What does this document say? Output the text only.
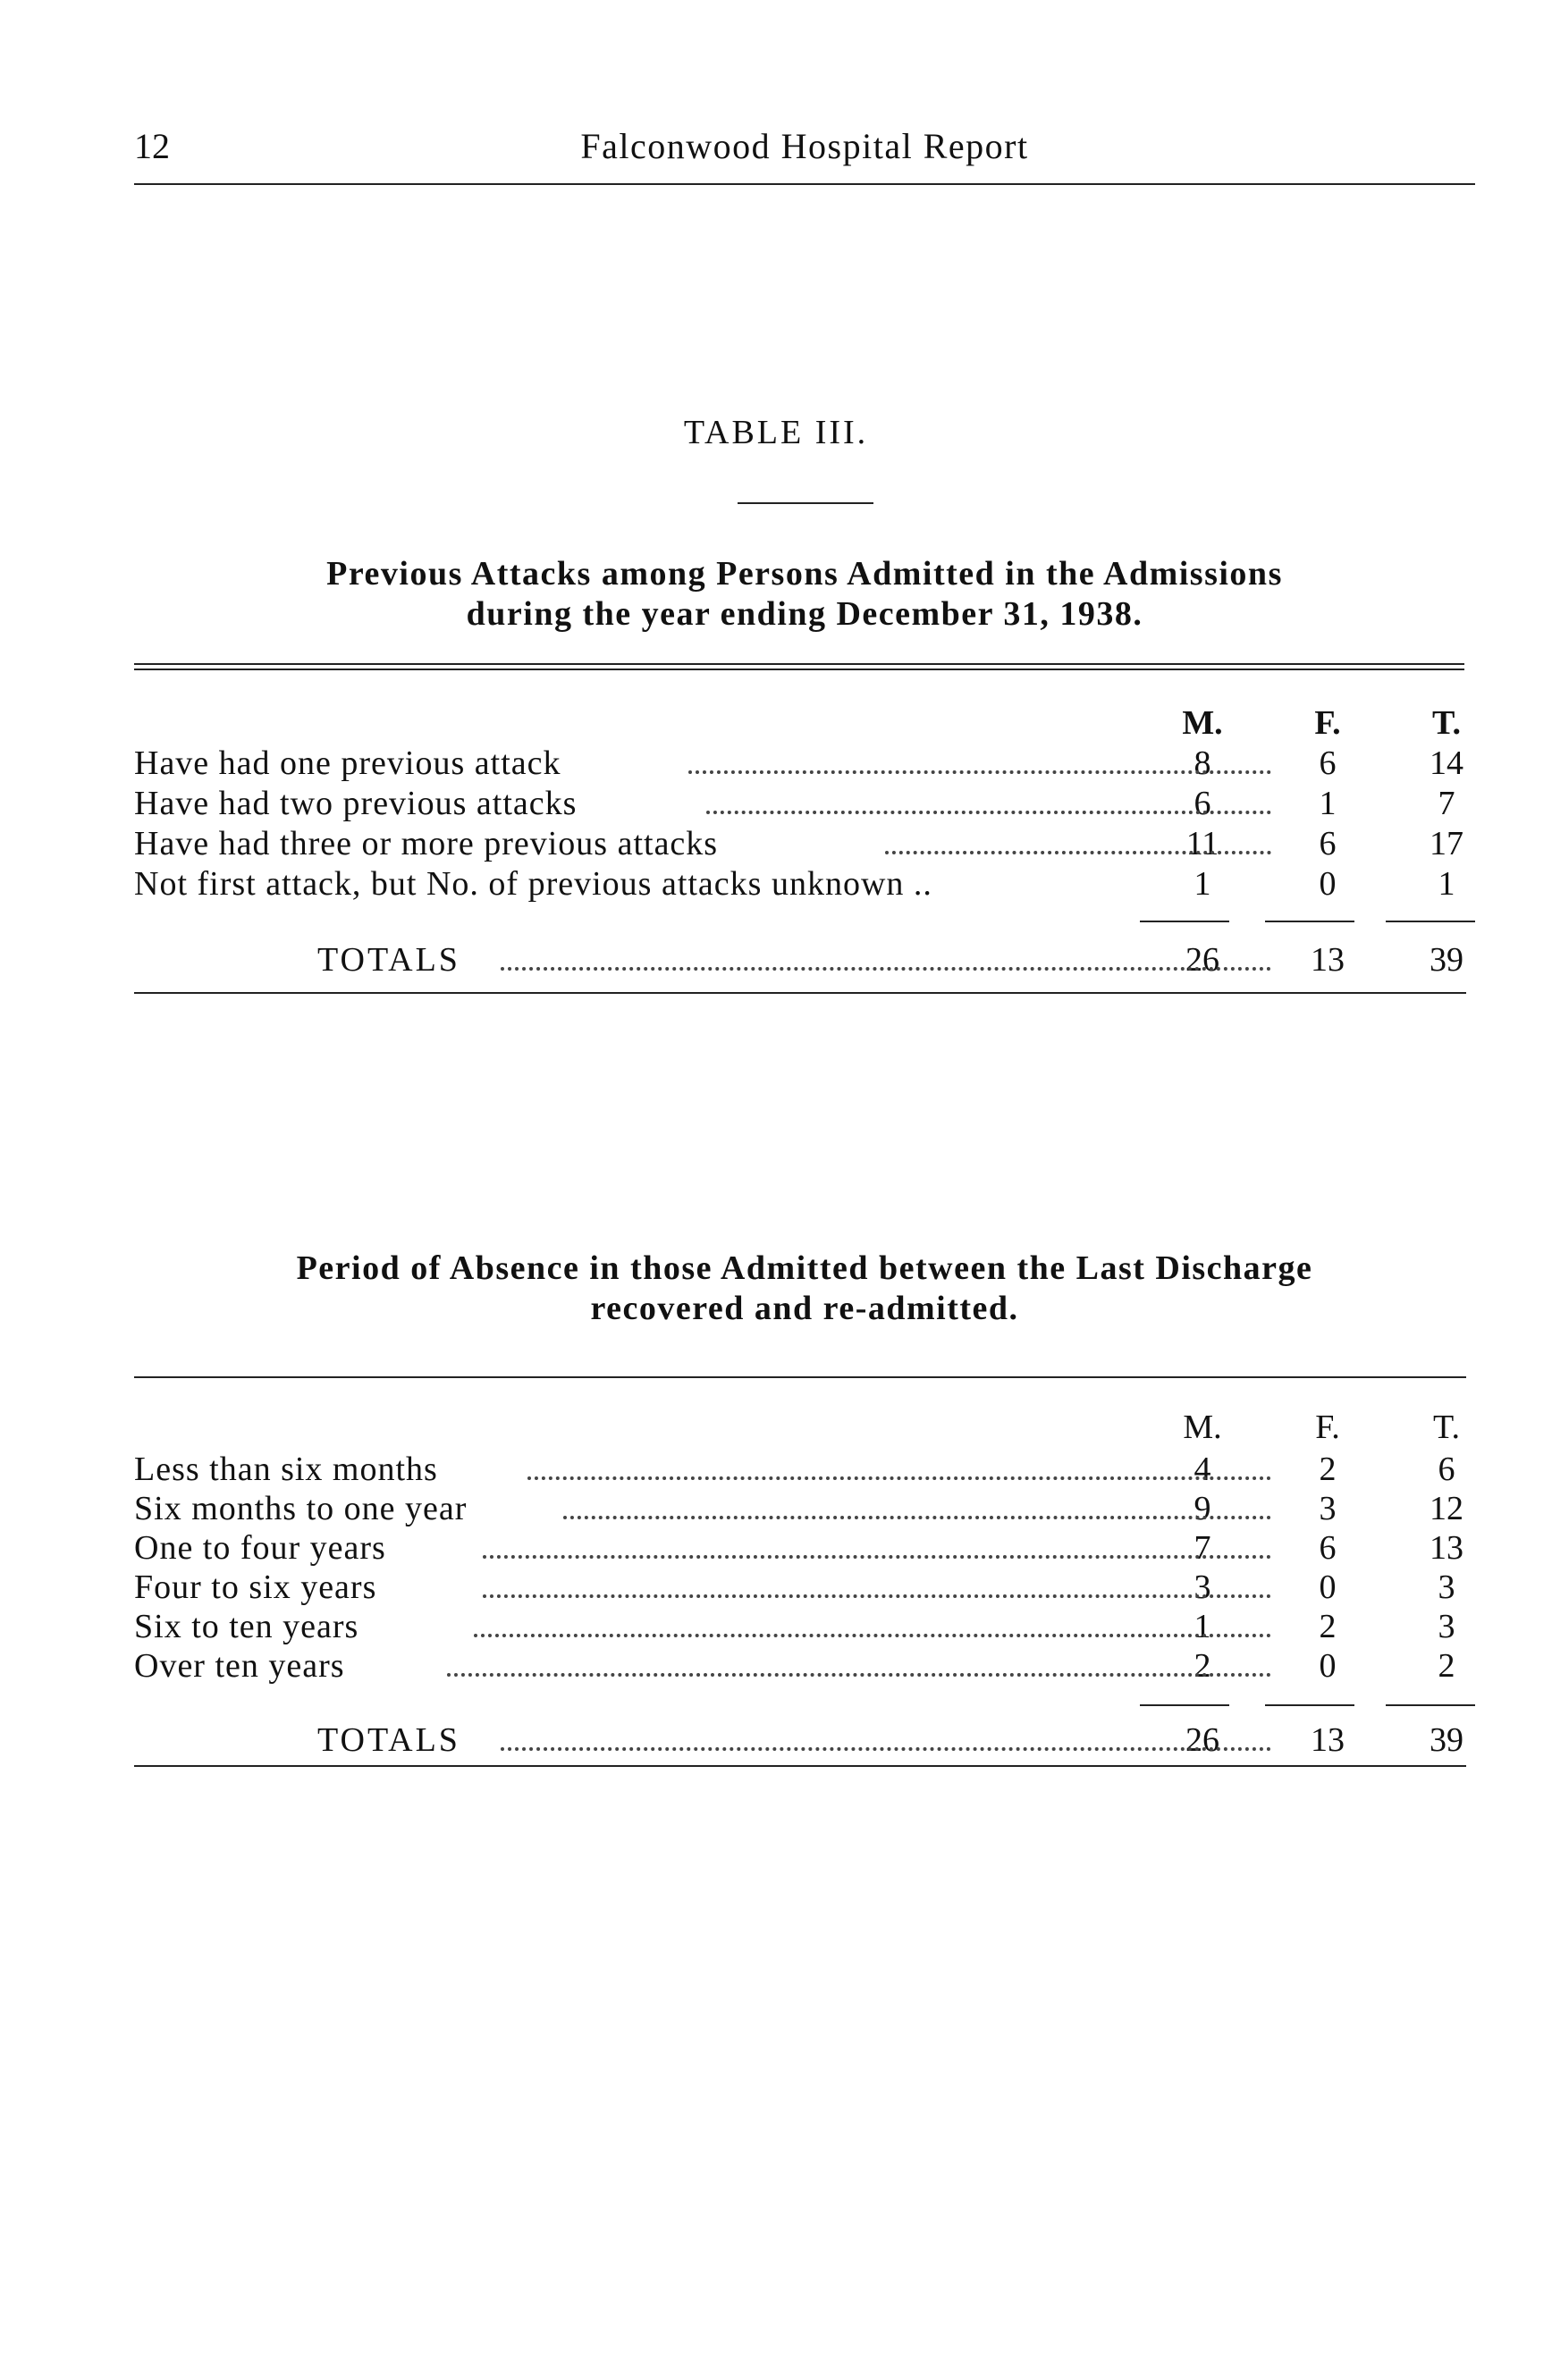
Falconwood Hospital Report
12
TABLE III.
Previous Attacks among Persons Admitted in the Admissions
during the year ending December 31, 1938.
M.	F.	T.
Have had one previous attack	8	6	14
Have had two previous attacks	6	1	7
Have had three or more previous attacks	11	6	17
Not first attack, but No. of previous attacks unknown ..	1	0	1
TOTALS	26	13	39
Period of Absence in those Admitted between the Last Discharge
recovered and re-admitted.
M.	F.	T.
Less than six months	4	2	6
Six months to one year	9	3	12
One to four years	7	6	13
Four to six years	3	0	3
Six to ten years	1	2	3
Over ten years	2	0	2
TOTALS	26	13	39
